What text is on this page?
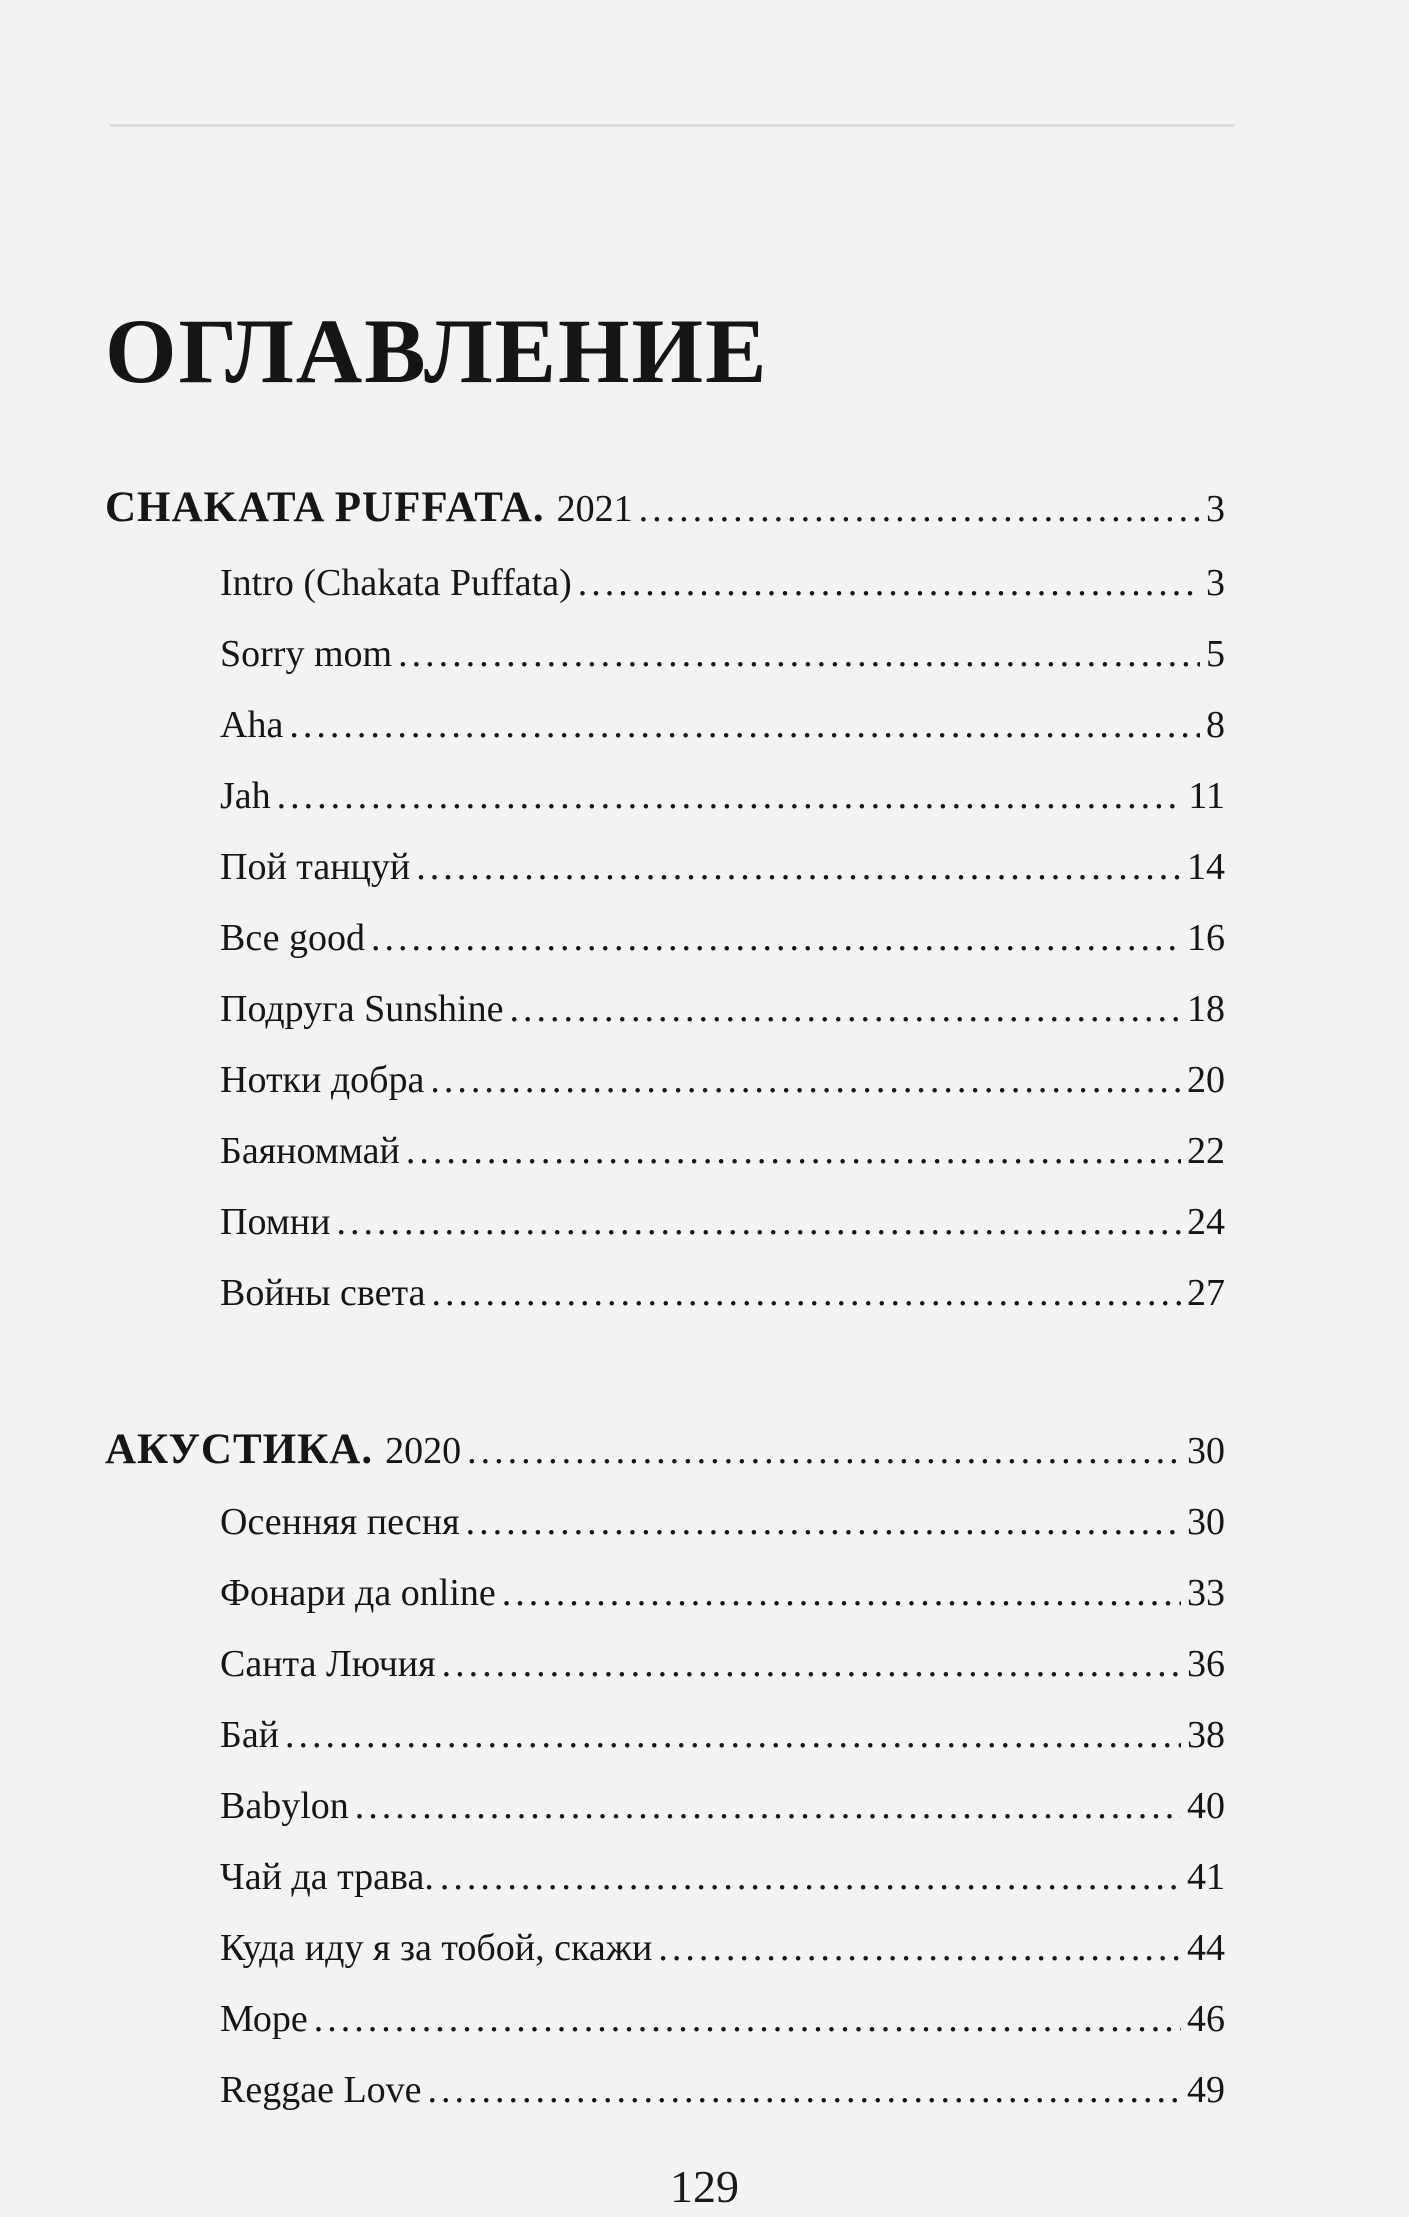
ОГЛАВЛЕНИЕ
CHAKATA PUFFATA. 2021 .....	3
Intro (Chakata Puffata) .....	3
Sorry mom .....	5
Aha .....	8
Jah .....	11
Пой танцуй .....	14
Все good .....	16
Подруга Sunshine .....	18
Нотки добра .....	20
Баяноммай .....	22
Помни .....	24
Войны света .....	27
АКУСТИКА. 2020 .....	30
Осенняя песня .....	30
Фонари да online .....	33
Санта Лючия .....	36
Бай .....	38
Babylon .....	40
Чай да трава. .....	41
Куда иду я за тобой, скажи .....	44
Море .....	46
Reggae Love .....	49
129
